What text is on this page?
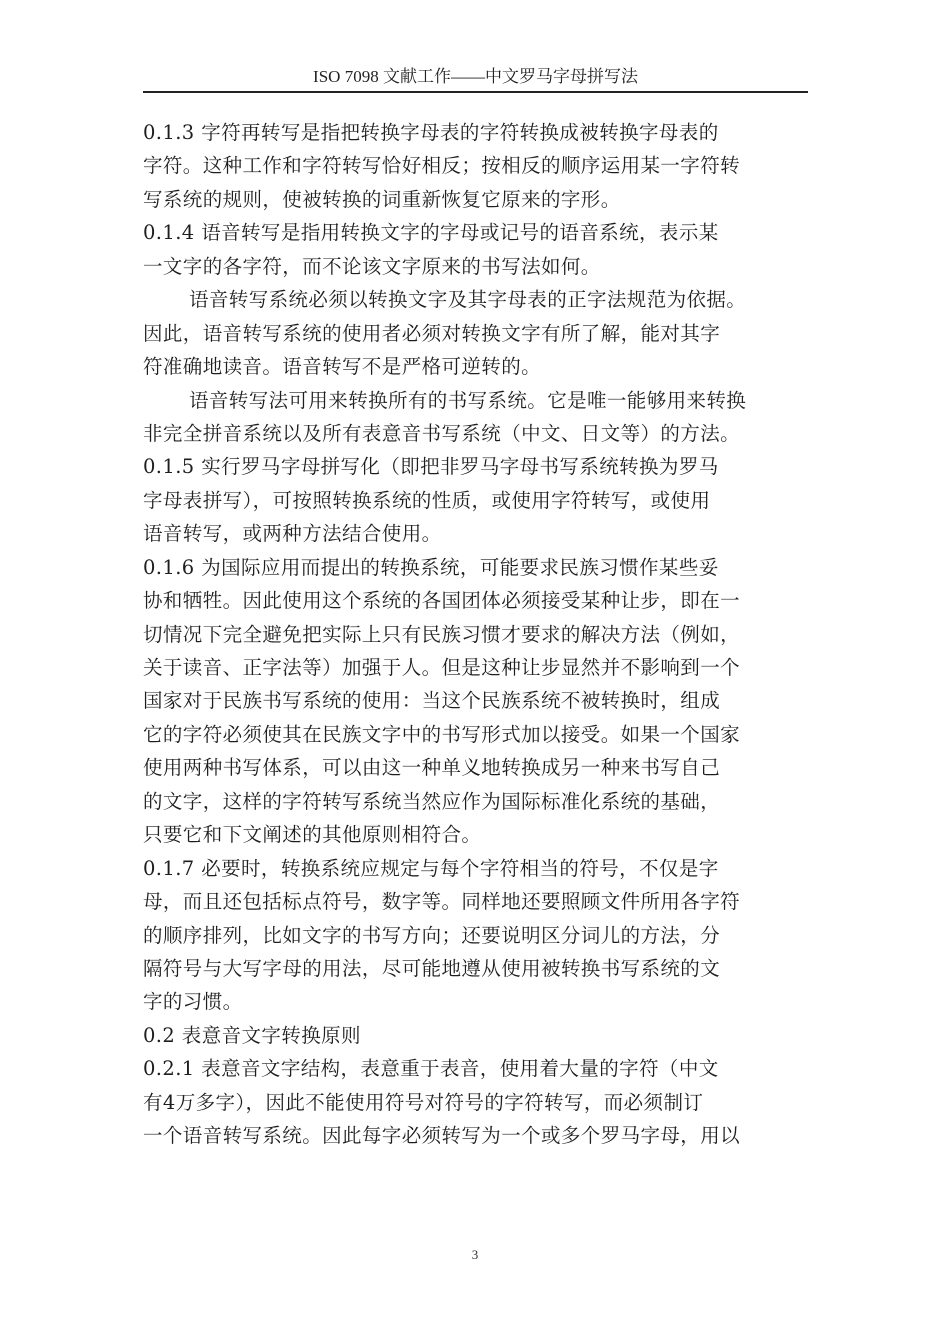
ISO 7098 文献工作——中文罗马字母拼写法
0.1.3 字符再转写是指把转换字母表的字符转换成被转换字母表的
字符。这种工作和字符转写恰好相反；按相反的顺序运用某一字符转
写系统的规则，使被转换的词重新恢复它原来的字形。
0.1.4 语音转写是指用转换文字的字母或记号的语音系统，表示某
一文字的各字符，而不论该文字原来的书写法如何。
语音转写系统必须以转换文字及其字母表的正字法规范为依据。
因此，语音转写系统的使用者必须对转换文字有所了解，能对其字
符准确地读音。语音转写不是严格可逆转的。
语音转写法可用来转换所有的书写系统。它是唯一能够用来转换
非完全拼音系统以及所有表意音书写系统（中文、日文等）的方法。
0.1.5 实行罗马字母拼写化（即把非罗马字母书写系统转换为罗马
字母表拼写），可按照转换系统的性质，或使用字符转写，或使用
语音转写，或两种方法结合使用。
0.1.6 为国际应用而提出的转换系统，可能要求民族习惯作某些妥
协和牺牲。因此使用这个系统的各国团体必须接受某种让步，即在一
切情况下完全避免把实际上只有民族习惯才要求的解决方法（例如，
关于读音、正字法等）加强于人。但是这种让步显然并不影响到一个
国家对于民族书写系统的使用：当这个民族系统不被转换时，组成
它的字符必须使其在民族文字中的书写形式加以接受。如果一个国家
使用两种书写体系，可以由这一种单义地转换成另一种来书写自己
的文字，这样的字符转写系统当然应作为国际标准化系统的基础，
只要它和下文阐述的其他原则相符合。
0.1.7 必要时，转换系统应规定与每个字符相当的符号，不仅是字
母，而且还包括标点符号，数字等。同样地还要照顾文件所用各字符
的顺序排列，比如文字的书写方向；还要说明区分词儿的方法，分
隔符号与大写字母的用法，尽可能地遵从使用被转换书写系统的文
字的习惯。
0.2 表意音文字转换原则
0.2.1 表意音文字结构，表意重于表音，使用着大量的字符（中文
有4万多字），因此不能使用符号对符号的字符转写，而必须制订
一个语音转写系统。因此每字必须转写为一个或多个罗马字母，用以
3
